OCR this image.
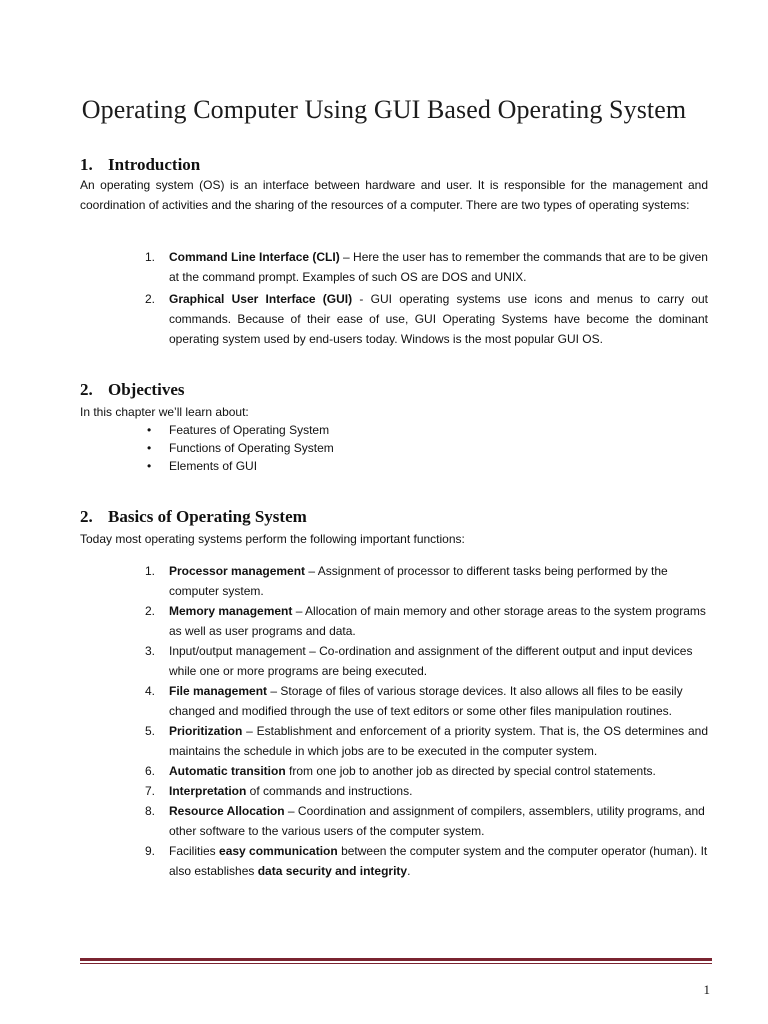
Operating Computer Using GUI Based Operating System
1. Introduction
An operating system (OS) is an interface between hardware and user. It is responsible for the management and coordination of activities and the sharing of the resources of a computer. There are two types of operating systems:
1. Command Line Interface (CLI) – Here the user has to remember the commands that are to be given at the command prompt. Examples of such OS are DOS and UNIX.
2. Graphical User Interface (GUI) - GUI operating systems use icons and menus to carry out commands. Because of their ease of use, GUI Operating Systems have become the dominant operating system used by end-users today. Windows is the most popular GUI OS.
2. Objectives
In this chapter we’ll learn about:
• Features of Operating System
• Functions of Operating System
• Elements of GUI
2. Basics of Operating System
Today most operating systems perform the following important functions:
1. Processor management – Assignment of processor to different tasks being performed by the computer system.
2. Memory management – Allocation of main memory and other storage areas to the system programs as well as user programs and data.
3. Input/output management – Co-ordination and assignment of the different output and input devices while one or more programs are being executed.
4. File management – Storage of files of various storage devices. It also allows all files to be easily changed and modified through the use of text editors or some other files manipulation routines.
5. Prioritization – Establishment and enforcement of a priority system. That is, the OS determines and maintains the schedule in which jobs are to be executed in the computer system.
6. Automatic transition from one job to another job as directed by special control statements.
7. Interpretation of commands and instructions.
8. Resource Allocation – Coordination and assignment of compilers, assemblers, utility programs, and other software to the various users of the computer system.
9. Facilities easy communication between the computer system and the computer operator (human). It also establishes data security and integrity.
1
